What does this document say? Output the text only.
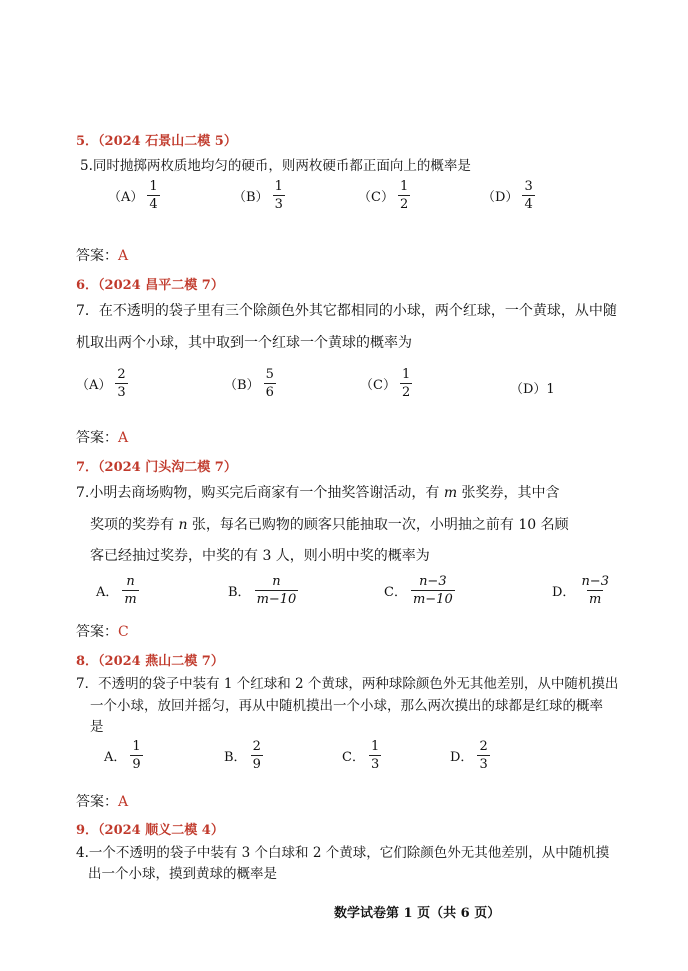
5．（2024 石景山二模 5）
5.同时抛掷两枚质地均匀的硬币，则两枚硬币都正面向上的概率是
$(A) \frac{1}{4}$	$(B) \frac{1}{3}$	$(C) \frac{1}{2}$	$(D) \frac{3}{4}$
答案：A
6．（2024 昌平二模 7）
7．在不透明的袋子里有三个除颜色外其它都相同的小球，两个红球，一个黄球，从中随
机取出两个小球，其中取到一个红球一个黄球的概率为
$(A) \frac{2}{3}$	$(B) \frac{5}{6}$	$(C) \frac{1}{2}$	（D）1
答案：A
7．（2024 门头沟二模 7）
7.小明去商场购物，购买完后商家有一个抽奖答谢活动，有 m 张奖券，其中含
奖项的奖券有 n 张，每名已购物的顾客只能抽取一次，小明抽之前有 10 名顾
客已经抽过奖券，中奖的有 3 人，则小明中奖的概率为
A． $\frac{n}{m}$	B． $\frac{n}{m-10}$	C． $\frac{n-3}{m-10}$	D． $\frac{n-3}{m}$
答案：C
8．（2024 燕山二模 7）
7．不透明的袋子中装有 1 个红球和 2 个黄球，两种球除颜色外无其他差别，从中随机摸出
一个小球，放回并摇匀，再从中随机摸出一个小球，那么两次摸出的球都是红球的概率
是
A． $\frac{1}{9}$	B． $\frac{2}{9}$	C． $\frac{1}{3}$	D． $\frac{2}{3}$
答案：A
9．（2024 顺义二模 4）
4.一个不透明的袋子中装有 3 个白球和 2 个黄球，它们除颜色外无其他差别，从中随机摸
出一个小球，摸到黄球的概率是
数学试卷第 1 页（共 6 页）
